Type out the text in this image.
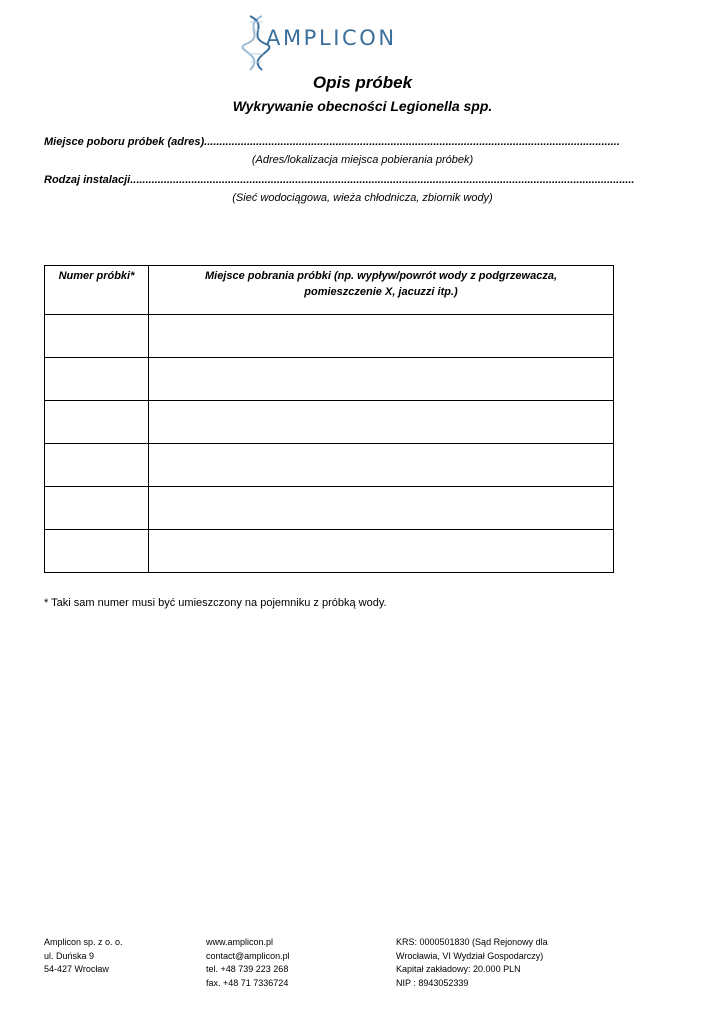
AMPLICON
Opis próbek
Wykrywanie obecności Legionella spp.
Miejsce poboru próbek (adres)........................................................................................................................................
(Adres/lokalizacja miejsca pobierania próbek)
Rodzaj instalacji.....................................................................................................................................................................
(Sieć wodociągowa, wieża chłodnicza, zbiornik wody)
Numer próbki*	Miejsce pobrania próbki (np. wypływ/powrót wody z podgrzewacza, pomieszczenie X, jacuzzi itp.)

* Taki sam numer musi być umieszczony na pojemniku z próbką wody.
Amplicon sp. z o. o.
ul. Duńska 9
54-427 Wrocław
www.amplicon.pl
contact@amplicon.pl
tel. +48 739 223 268
fax. +48 71 7336724
KRS: 0000501830 (Sąd Rejonowy dla
Wrocławia, VI Wydział Gospodarczy)
Kapitał zakładowy: 20.000 PLN
NIP : 8943052339
